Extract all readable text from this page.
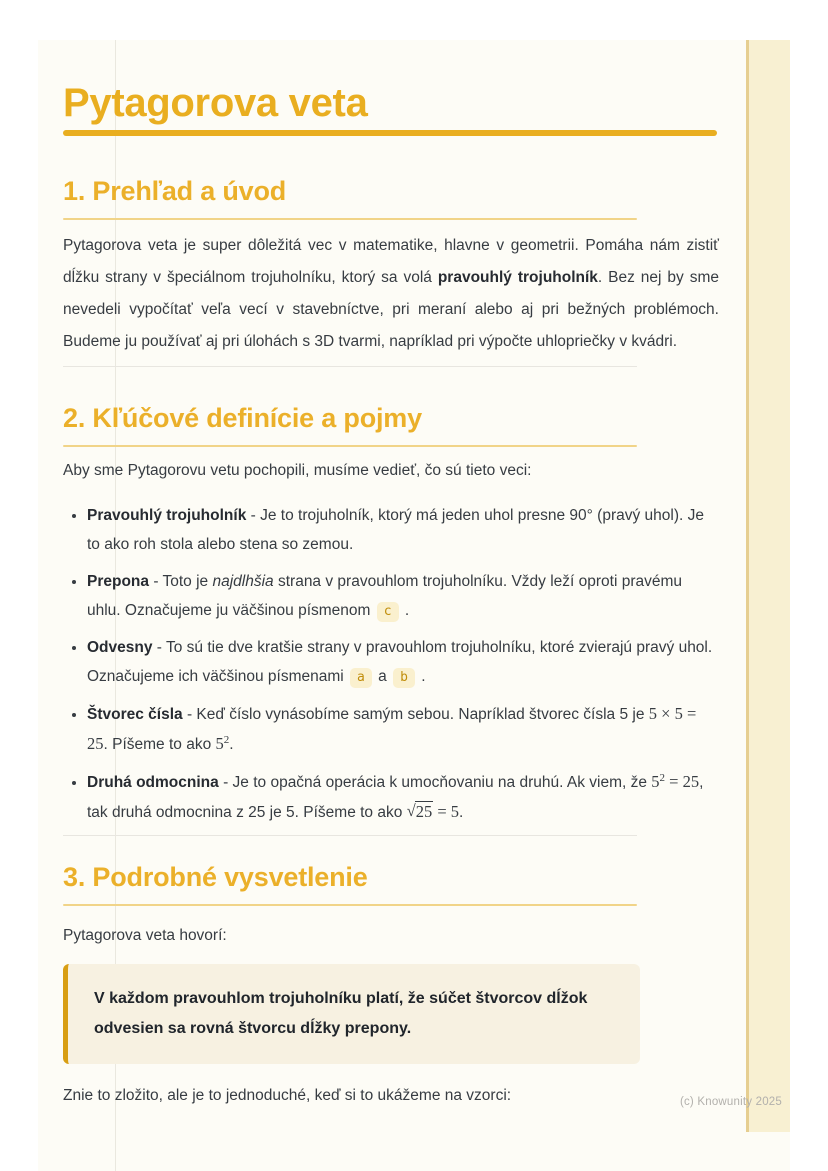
(c) Knowunity 2025
Pytagorova veta
1. Prehľad a úvod

Pytagorova veta je super dôležitá vec v matematike, hlavne v geometrii. Pomáha nám zistiť dĺžku strany v špeciálnom trojuholníku, ktorý sa volá pravouhlý trojuholník. Bez nej by sme nevedeli vypočítať veľa vecí v stavebníctve, pri meraní alebo aj pri bežných problémoch. Budeme ju používať aj pri úlohách s 3D tvarmi, napríklad pri výpočte uhlopriečky v kvádri.

2. Kľúčové definície a pojmy

Aby sme Pytagorovu vetu pochopili, musíme vedieť, čo sú tieto veci:

• Pravouhlý trojuholník - Je to trojuholník, ktorý má jeden uhol presne 90° (pravý uhol). Je to ako roh stola alebo stena so zemou.
• Prepona - Toto je najdlhšia strana v pravouhlom trojuholníku. Vždy leží oproti pravému uhlu. Označujeme ju väčšinou písmenom c .
• Odvesny - To sú tie dve kratšie strany v pravouhlom trojuholníku, ktoré zvierajú pravý uhol. Označujeme ich väčšinou písmenami a a b .
• Štvorec čísla - Keď číslo vynásobíme samým sebou. Napríklad štvorec čísla 5 je 5 × 5 = 25. Píšeme to ako $5^2$.
• Druhá odmocnina - Je to opačná operácia k umocňovaniu na druhú. Ak viem, že $5^2 = 25$, tak druhá odmocnina z 25 je 5. Píšeme to ako √25 = 5.
3. Podrobné vysvetlenie

Pytagorova veta hovorí:

V každom pravouhlom trojuholníku platí, že súčet štvorcov dĺžok odvesien sa rovná štvorcu dĺžky prepony.

Znie to zložito, ale je to jednoduché, keď si to ukážeme na vzorci:
